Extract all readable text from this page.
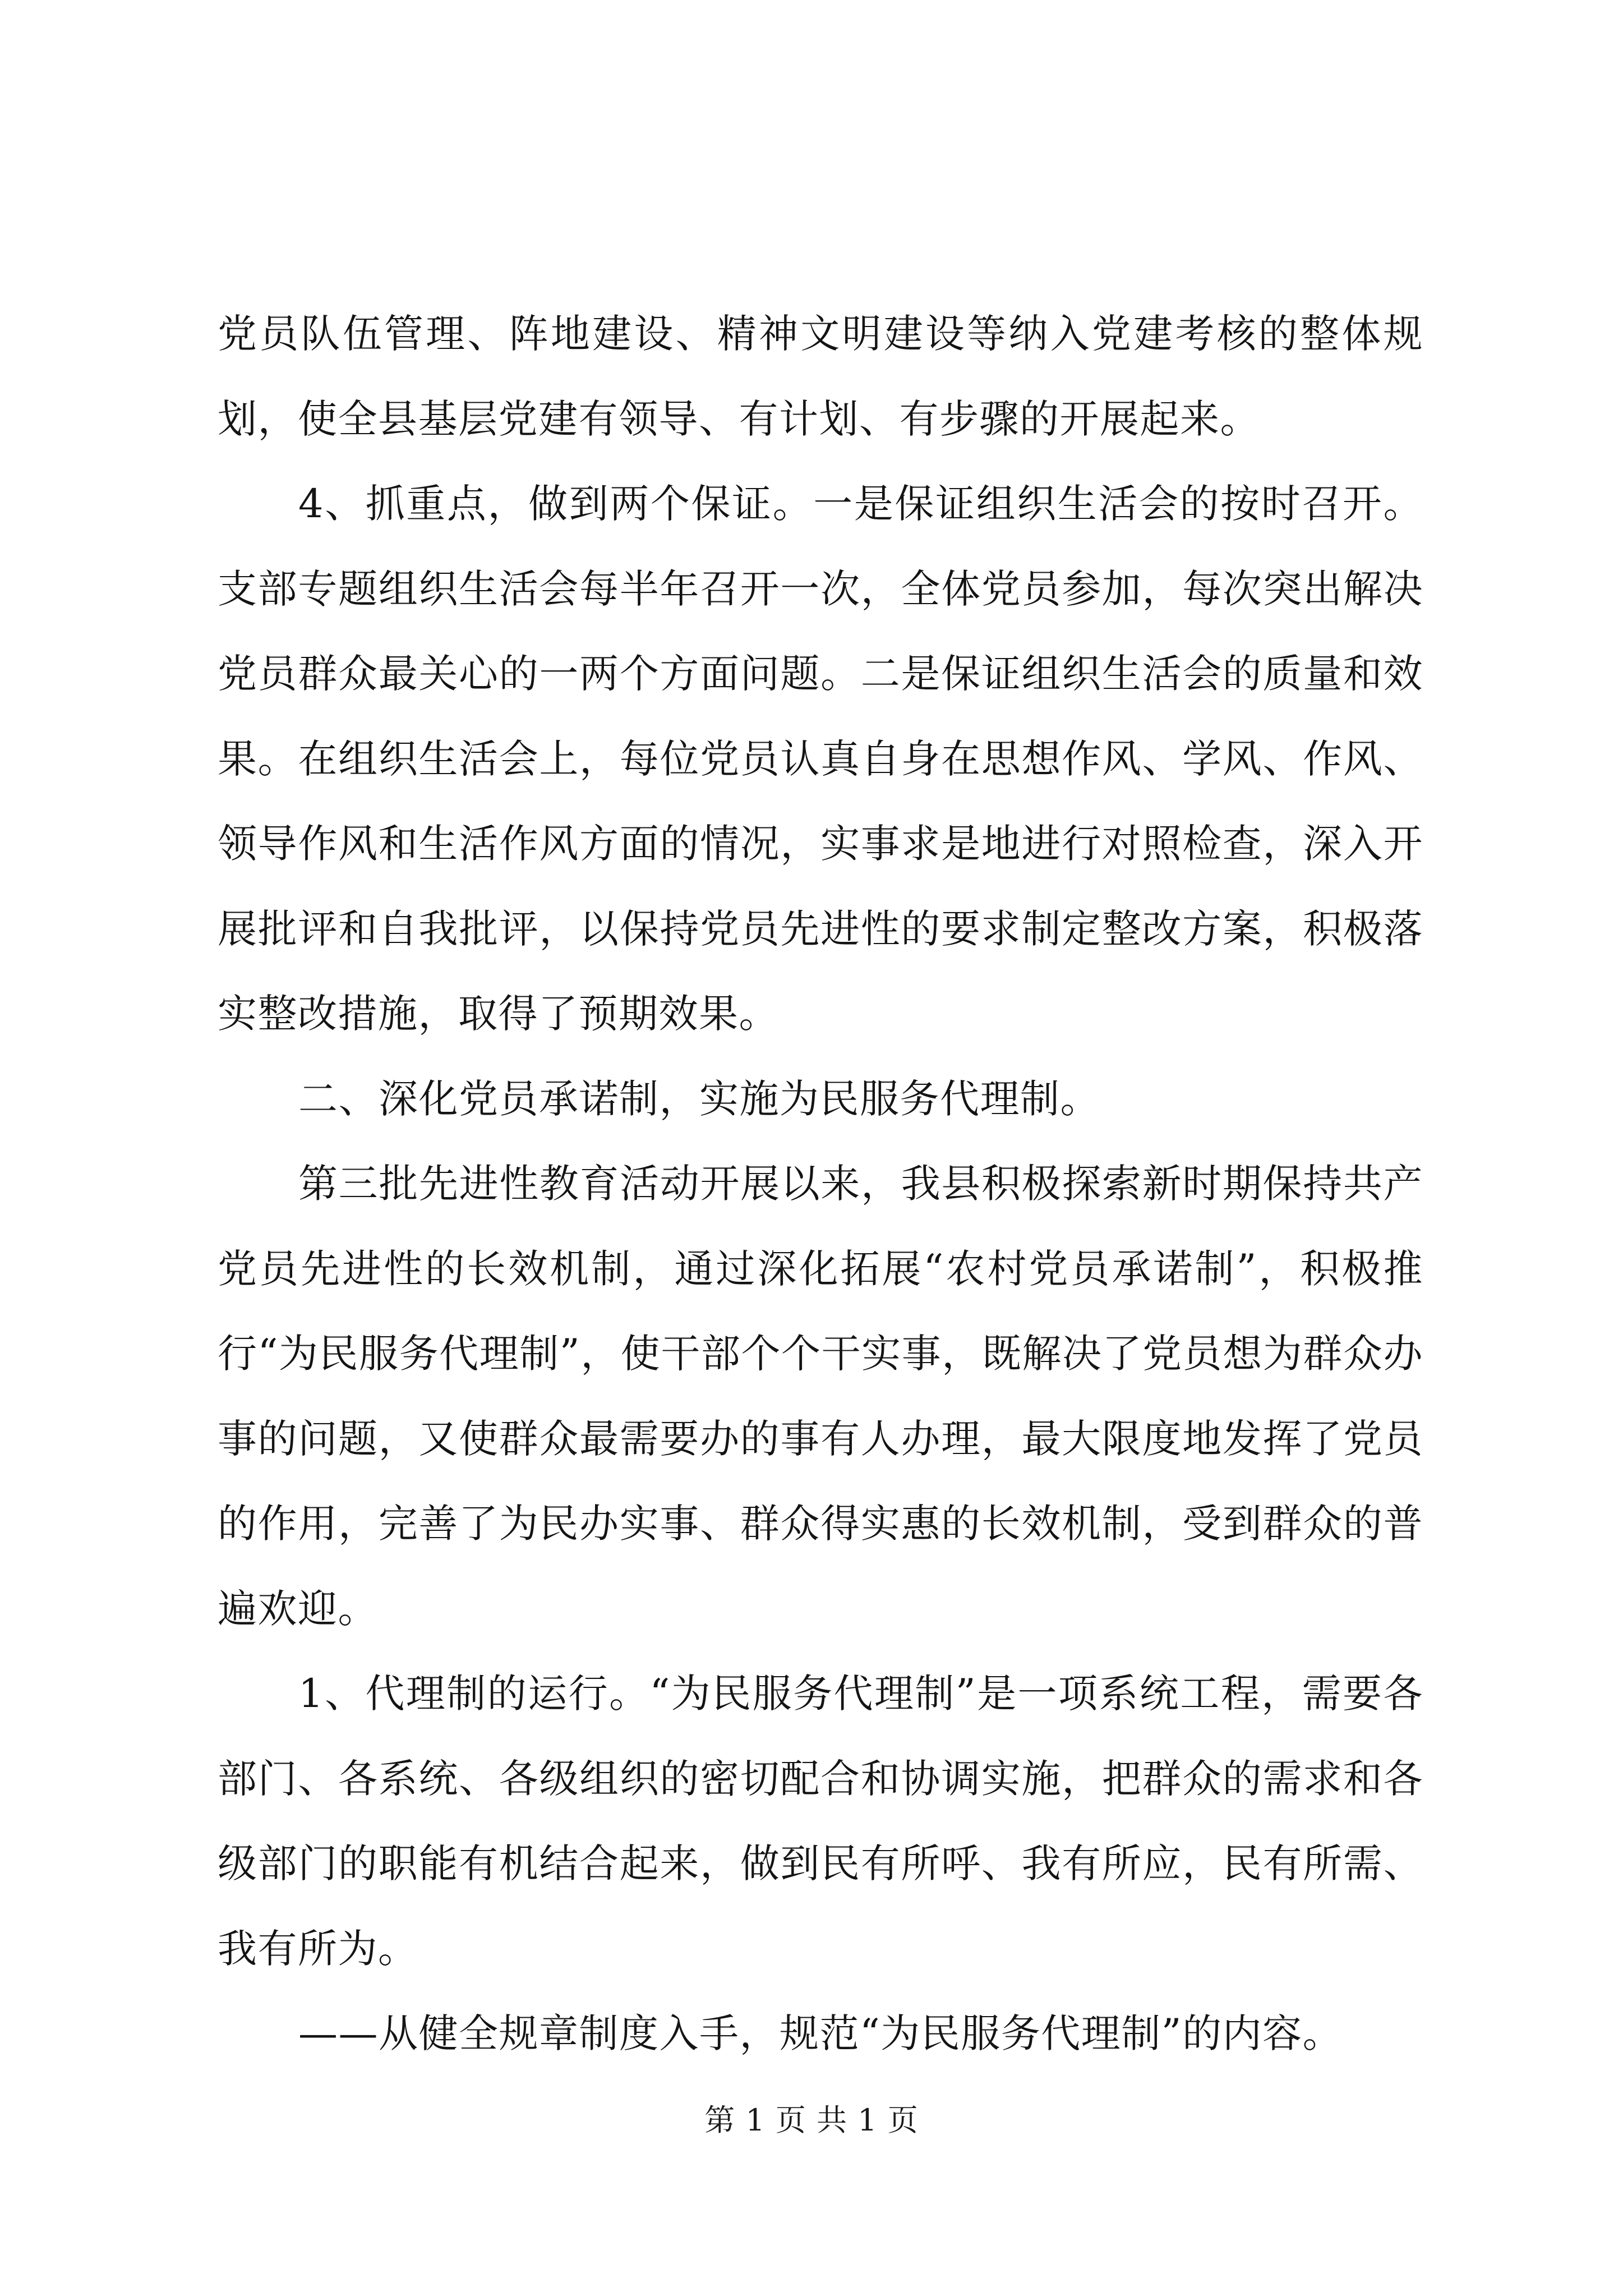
党员队伍管理、阵地建设、精神文明建设等纳入党建考核的整体规划，使全县基层党建有领导、有计划、有步骤的开展起来。

4、抓重点，做到两个保证。一是保证组织生活会的按时召开。支部专题组织生活会每半年召开一次，全体党员参加，每次突出解决党员群众最关心的一两个方面问题。二是保证组织生活会的质量和效果。在组织生活会上，每位党员认真自身在思想作风、学风、作风、领导作风和生活作风方面的情况，实事求是地进行对照检查，深入开展批评和自我批评，以保持党员先进性的要求制定整改方案，积极落实整改措施，取得了预期效果。

二、深化党员承诺制，实施为民服务代理制。

第三批先进性教育活动开展以来，我县积极探索新时期保持共产党员先进性的长效机制，通过深化拓展“农村党员承诺制”，积极推行“为民服务代理制”，使干部个个干实事，既解决了党员想为群众办事的问题，又使群众最需要办的事有人办理，最大限度地发挥了党员的作用，完善了为民办实事、群众得实惠的长效机制，受到群众的普遍欢迎。

1、代理制的运行。“为民服务代理制”是一项系统工程，需要各部门、各系统、各级组织的密切配合和协调实施，把群众的需求和各级部门的职能有机结合起来，做到民有所呼、我有所应，民有所需、我有所为。

——从健全规章制度入手，规范“为民服务代理制”的内容。

第 1 页 共 1 页
